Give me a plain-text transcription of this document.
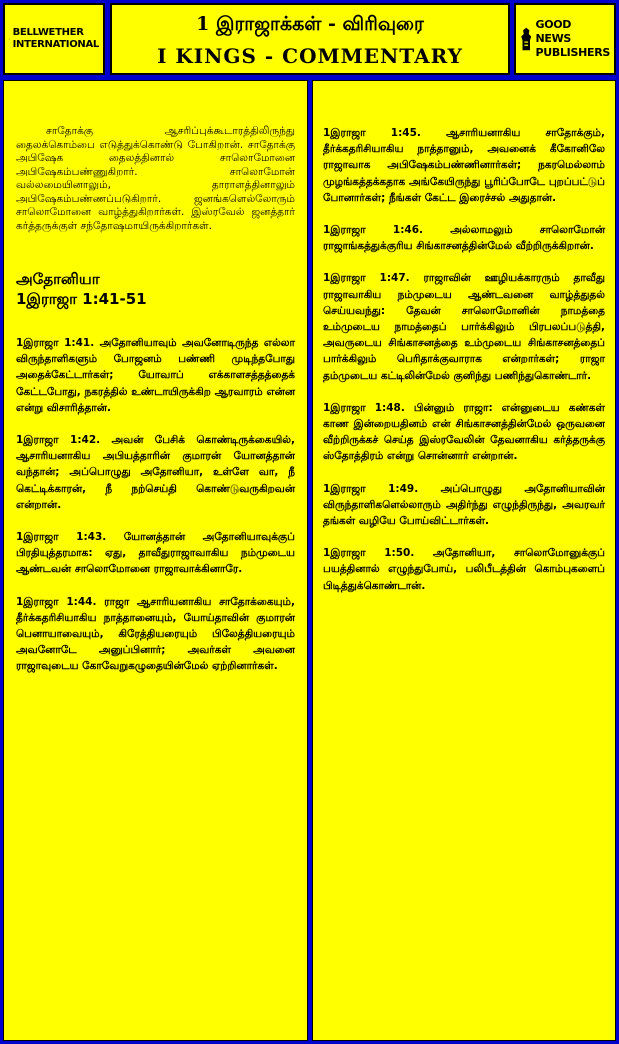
BELLWETHER
INTERNATIONAL
1 இராஜாக்கள் - விரிவுரை
I KINGS - COMMENTARY
GOOD NEWS
PUBLISHERS

சாதோக்கு ஆசரிப்புக்கூடாரத்திலிருந்து தைலக்கொம்பை எடுத்துக்கொண்டு போகிறான். சாதோக்கு அபிஷேக தைலத்தினால் சாலொமோனை அபிஷேகம்பண்ணுகிறார். சாலொமோன் வல்லமையினாலும், தாராளத்தினாலும் அபிஷேகம்பண்ணப்படுகிறார். ஜனங்களெல்லோரும் சாலொமோனை வாழ்த்துகிறார்கள். இஸ்ரவேல் ஜனத்தார் கர்த்தருக்குள் சந்தோஷமாயிருக்கிறார்கள்.

அதோனியா
1இராஜா 1:41-51

1இராஜா 1:41. அதோனியாவும் அவனோடிருந்த எல்லா விருந்தாளிகளும் போஜனம் பண்ணி முடிந்தபோது அதைக்கேட்டார்கள்; யோவாப் எக்காளசத்தத்தைக் கேட்டபோது, நகரத்தில் உண்டாயிருக்கிற ஆரவாரம் என்ன என்று விசாரித்தான்.

1இராஜா 1:42. அவன் பேசிக் கொண்டிருக்கையில், ஆசாரியனாகிய அபியத்தாரின் குமாரன் யோனத்தான் வந்தான்; அப்பொழுது அதோனியா, உள்ளே வா, நீ கெட்டிக்காரன், நீ நற்செய்தி கொண்டுவருகிறவன் என்றான்.

1இராஜா 1:43. யோனத்தான் அதோனியாவுக்குப் பிரதியுத்தரமாக: ஏது, தாவீதுராஜாவாகிய நம்முடைய ஆண்டவன் சாலொமோனை ராஜாவாக்கினாரே.

1இராஜா 1:44. ராஜா ஆசாரியனாகிய சாதோக்கையும், தீர்க்கதரிசியாகிய நாத்தானையும், யோய்தாவின் குமாரன் பெனாயாவையும், கிரேத்தியரையும் பிலேத்தியரையும் அவனோடே அனுப்பினார்; அவர்கள் அவனை ராஜாவுடைய கோவேறுகழுதையின்மேல் ஏற்றினார்கள்.

1இராஜா 1:45. ஆசாரியனாகிய சாதோக்கும், தீர்க்கதரிசியாகிய நாத்தானும், அவனைக் கீகோனிலே ராஜாவாக அபிஷேகம்பண்ணினார்கள்; நகரமெல்லாம் முழங்கத்தக்கதாக அங்கேயிருந்து பூரிப்போடே புறப்பட்டுப் போனார்கள்; நீங்கள் கேட்ட இரைச்சல் அதுதான்.

1இராஜா 1:46. அல்லாமலும் சாலொமோன் ராஜாங்கத்துக்குரிய சிங்காசனத்தின்மேல் வீற்றிருக்கிறான்.

1இராஜா 1:47. ராஜாவின் ஊழியக்காரரும் தாவீது ராஜாவாகிய நம்முடைய ஆண்டவனை வாழ்த்துதல் செய்யவந்து: தேவன் சாலொமோனின் நாமத்தை உம்முடைய நாமத்தைப் பார்க்கிலும் பிரபலப்படுத்தி, அவருடைய சிங்காசனத்தை உம்முடைய சிங்காசனத்தைப் பார்க்கிலும் பெரிதாக்குவாராக என்றார்கள்; ராஜா தம்முடைய கட்டிலின்மேல் குனிந்து பணிந்துகொண்டார்.

1இராஜா 1:48. பின்னும் ராஜா: என்னுடைய கண்கள் காண இன்றையதினம் என் சிங்காசனத்தின்மேல் ஒருவனை வீற்றிருக்கச் செய்த இஸ்ரவேலின் தேவனாகிய கர்த்தருக்கு ஸ்தோத்திரம் என்று சொன்னார் என்றான்.

1இராஜா 1:49. அப்பொழுது அதோனியாவின் விருந்தாளிகளெல்லாரும் அதிர்ந்து எழுந்திருந்து, அவரவர் தங்கள் வழியே போய்விட்டார்கள்.

1இராஜா 1:50. அதோனியா, சாலொமோனுக்குப் பயத்தினால் எழுந்துபோய், பலிபீடத்தின் கொம்புகளைப் பிடித்துக்கொண்டான்.
